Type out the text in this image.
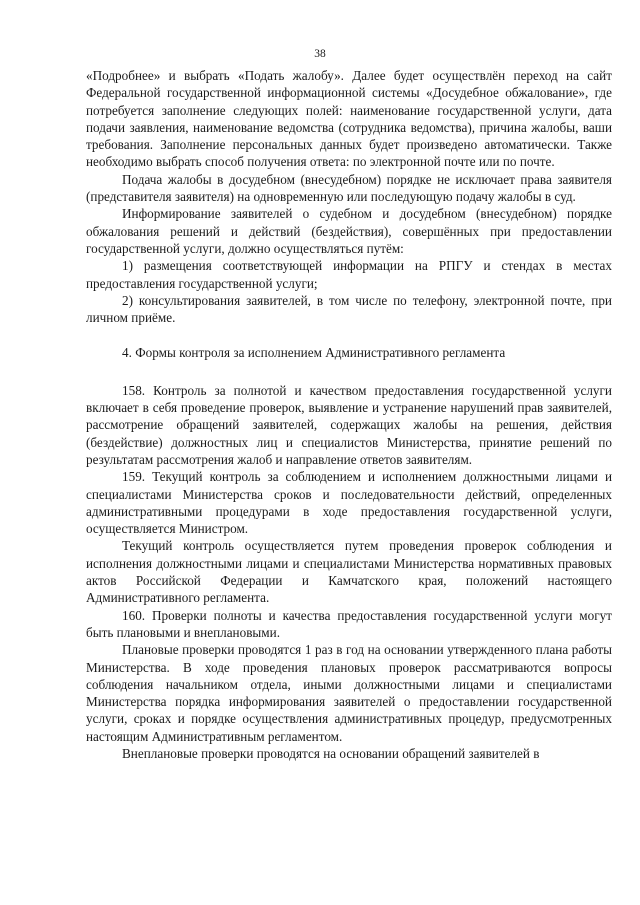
38

«Подробнее» и выбрать «Подать жалобу». Далее будет осуществлён переход на сайт Федеральной государственной информационной системы «Досудебное обжалование», где потребуется заполнение следующих полей: наименование государственной услуги, дата подачи заявления, наименование ведомства (сотрудника ведомства), причина жалобы, ваши требования. Заполнение персональных данных будет произведено автоматически. Также необходимо выбрать способ получения ответа: по электронной почте или по почте.

Подача жалобы в досудебном (внесудебном) порядке не исключает права заявителя (представителя заявителя) на одновременную или последующую подачу жалобы в суд.

Информирование заявителей о судебном и досудебном (внесудебном) порядке обжалования решений и действий (бездействия), совершённых при предоставлении государственной услуги, должно осуществляться путём:

1) размещения соответствующей информации на РПГУ и стендах в местах предоставления государственной услуги;

2) консультирования заявителей, в том числе по телефону, электронной почте, при личном приёме.

4. Формы контроля за исполнением Административного регламента

158. Контроль за полнотой и качеством предоставления государственной услуги включает в себя проведение проверок, выявление и устранение нарушений прав заявителей, рассмотрение обращений заявителей, содержащих жалобы на решения, действия (бездействие) должностных лиц и специалистов Министерства, принятие решений по результатам рассмотрения жалоб и направление ответов заявителям.

159. Текущий контроль за соблюдением и исполнением должностными лицами и специалистами Министерства сроков и последовательности действий, определенных административными процедурами в ходе предоставления государственной услуги, осуществляется Министром.

Текущий контроль осуществляется путем проведения проверок соблюдения и исполнения должностными лицами и специалистами Министерства нормативных правовых актов Российской Федерации и Камчатского края, положений настоящего Административного регламента.

160. Проверки полноты и качества предоставления государственной услуги могут быть плановыми и внеплановыми.

Плановые проверки проводятся 1 раз в год на основании утвержденного плана работы Министерства. В ходе проведения плановых проверок рассматриваются вопросы соблюдения начальником отдела, иными должностными лицами и специалистами Министерства порядка информирования заявителей о предоставлении государственной услуги, сроках и порядке осуществления административных процедур, предусмотренных настоящим Административным регламентом.

Внеплановые проверки проводятся на основании обращений заявителей в
